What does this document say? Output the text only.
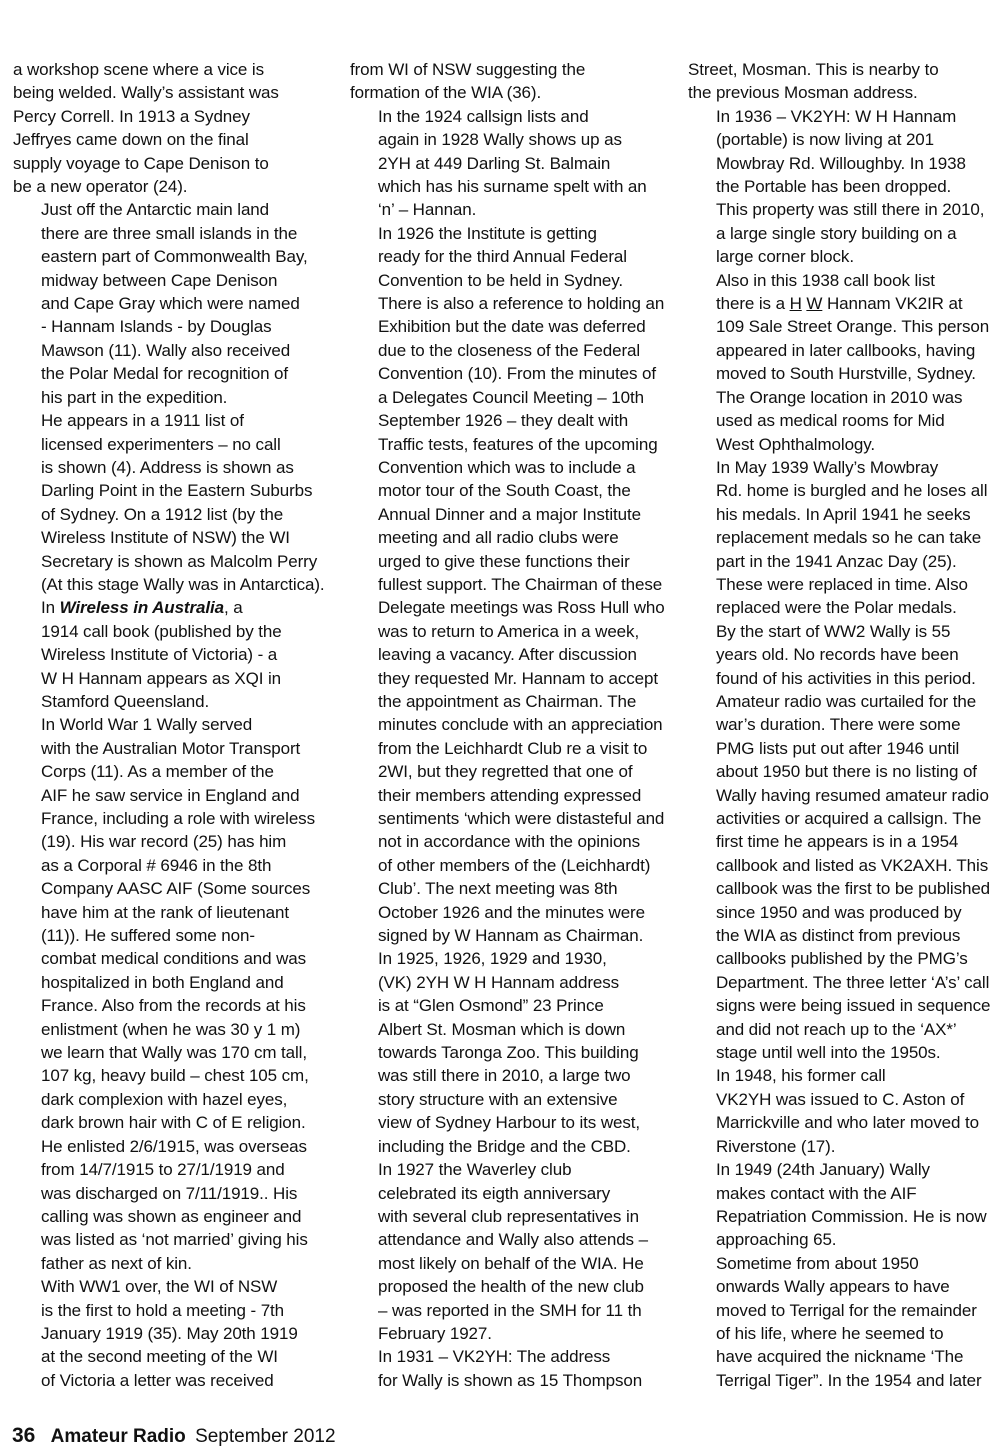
a workshop scene where a vice is
being welded. Wally’s assistant was
Percy Correll. In 1913 a Sydney
Jeffryes came down on the final
supply voyage to Cape Denison to
be a new operator (24).

Just off the Antarctic main land
there are three small islands in the
eastern part of Commonwealth Bay,
midway between Cape Denison
and Cape Gray which were named
- Hannam Islands - by Douglas
Mawson (11). Wally also received
the Polar Medal for recognition of
his part in the expedition.

He appears in a 1911 list of
licensed experimenters – no call
is shown (4). Address is shown as
Darling Point in the Eastern Suburbs
of Sydney. On a 1912 list (by the
Wireless Institute of NSW) the WI
Secretary is shown as Malcolm Perry
(At this stage Wally was in Antarctica).

In Wireless in Australia, a
1914 call book (published by the
Wireless Institute of Victoria) - a
W H Hannam appears as XQI in
Stamford Queensland.

In World War 1 Wally served
with the Australian Motor Transport
Corps (11). As a member of the
AIF he saw service in England and
France, including a role with wireless
(19). His war record (25) has him
as a Corporal # 6946 in the 8th
Company AASC AIF (Some sources
have him at the rank of lieutenant
(11)). He suffered some non-
combat medical conditions and was
hospitalized in both England and
France. Also from the records at his
enlistment (when he was 30 y 1 m)
we learn that Wally was 170 cm tall,
107 kg, heavy build – chest 105 cm,
dark complexion with hazel eyes,
dark brown hair with C of E religion.
He enlisted 2/6/1915, was overseas
from 14/7/1915 to 27/1/1919 and
was discharged on 7/11/1919.. His
calling was shown as engineer and
was listed as ‘not married’ giving his
father as next of kin.

With WW1 over, the WI of NSW
is the first to hold a meeting - 7th
January 1919 (35). May 20th 1919
at the second meeting of the WI
of Victoria a letter was received

from WI of NSW suggesting the
formation of the WIA (36).

In the 1924 callsign lists and
again in 1928 Wally shows up as
2YH at 449 Darling St. Balmain
which has his surname spelt with an
‘n’ – Hannan.

In 1926 the Institute is getting
ready for the third Annual Federal
Convention to be held in Sydney.
There is also a reference to holding an
Exhibition but the date was deferred
due to the closeness of the Federal
Convention (10). From the minutes of
a Delegates Council Meeting – 10th
September 1926 – they dealt with
Traffic tests, features of the upcoming
Convention which was to include a
motor tour of the South Coast, the
Annual Dinner and a major Institute
meeting and all radio clubs were
urged to give these functions their
fullest support. The Chairman of these
Delegate meetings was Ross Hull who
was to return to America in a week,
leaving a vacancy. After discussion
they requested Mr. Hannam to accept
the appointment as Chairman. The
minutes conclude with an appreciation
from the Leichhardt Club re a visit to
2WI, but they regretted that one of
their members attending expressed
sentiments ‘which were distasteful and
not in accordance with the opinions
of other members of the (Leichhardt)
Club’. The next meeting was 8th
October 1926 and the minutes were
signed by W Hannam as Chairman.

In 1925, 1926, 1929 and 1930,
(VK) 2YH W H Hannam address
is at “Glen Osmond” 23 Prince
Albert St. Mosman which is down
towards Taronga Zoo. This building
was still there in 2010, a large two
story structure with an extensive
view of Sydney Harbour to its west,
including the Bridge and the CBD.

In 1927 the Waverley club
celebrated its eigth anniversary
with several club representatives in
attendance and Wally also attends –
most likely on behalf of the WIA. He
proposed the health of the new club
– was reported in the SMH for 11 th
February 1927.

In 1931 – VK2YH: The address
for Wally is shown as 15 Thompson

Street, Mosman. This is nearby to
the previous Mosman address.

In 1936 – VK2YH: W H Hannam
(portable) is now living at 201
Mowbray Rd. Willoughby. In 1938
the Portable has been dropped.
This property was still there in 2010,
a large single story building on a
large corner block.

Also in this 1938 call book list
there is a H W Hannam VK2IR at
109 Sale Street Orange. This person
appeared in later callbooks, having
moved to South Hurstville, Sydney.
The Orange location in 2010 was
used as medical rooms for Mid
West Ophthalmology.

In May 1939 Wally’s Mowbray
Rd. home is burgled and he loses all
his medals. In April 1941 he seeks
replacement medals so he can take
part in the 1941 Anzac Day (25).
These were replaced in time. Also
replaced were the Polar medals.

By the start of WW2 Wally is 55
years old. No records have been
found of his activities in this period.
Amateur radio was curtailed for the
war’s duration. There were some
PMG lists put out after 1946 until
about 1950 but there is no listing of
Wally having resumed amateur radio
activities or acquired a callsign. The
first time he appears is in a 1954
callbook and listed as VK2AXH. This
callbook was the first to be published
since 1950 and was produced by
the WIA as distinct from previous
callbooks published by the PMG’s
Department. The three letter ‘A’s’ call
signs were being issued in sequence
and did not reach up to the ‘AX*’
stage until well into the 1950s.

In 1948, his former call
VK2YH was issued to C. Aston of
Marrickville and who later moved to
Riverstone (17).

In 1949 (24th January) Wally
makes contact with the AIF
Repatriation Commission. He is now
approaching 65.

Sometime from about 1950
onwards Wally appears to have
moved to Terrigal for the remainder
of his life, where he seemed to
have acquired the nickname ‘The
Terrigal Tiger”. In the 1954 and later

36 Amateur Radio September 2012
